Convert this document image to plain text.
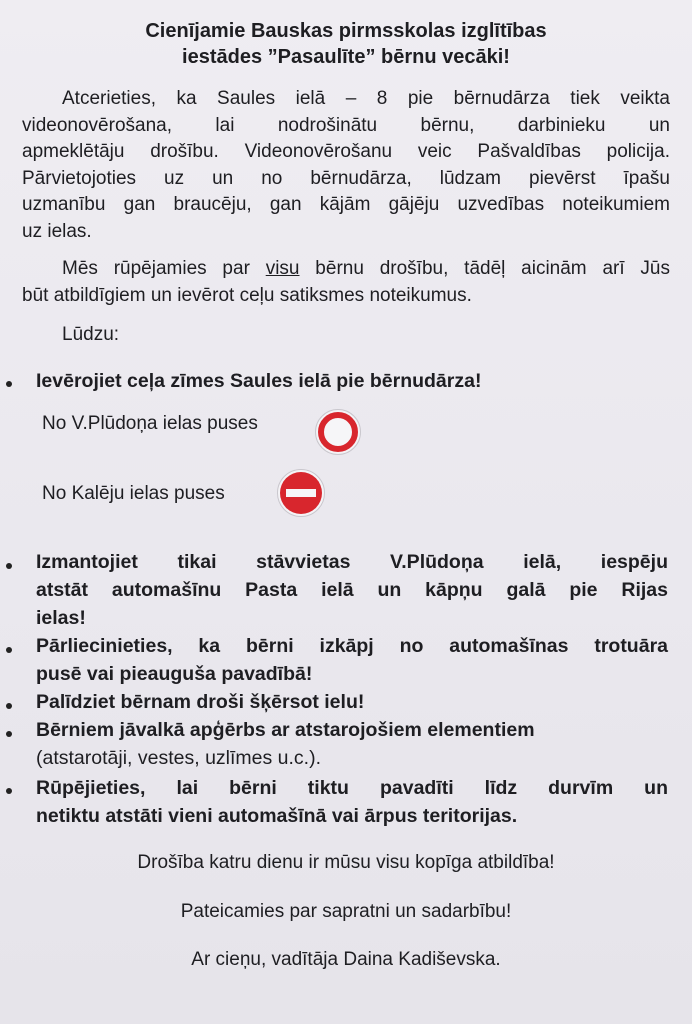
Cienījamie Bauskas pirmsskolas izglītības
iestādes ”Pasaulīte” bērnu vecāki!
Atcerieties, ka Saules ielā – 8 pie bērnudārza tiek veikta
videonovērošana, lai nodrošinātu bērnu, darbinieku un
apmeklētāju drošību. Videonovērošanu veic Pašvaldības policija.
Pārvietojoties uz un no bērnudārza, lūdzam pievērst īpašu
uzmanību gan braucēju, gan kājām gājēju uzvedības noteikumiem
uz ielas.
Mēs rūpējamies par visu bērnu drošību, tādēļ aicinām arī Jūs
būt atbildīgiem un ievērot ceļu satiksmes noteikumus.
Lūdzu:
Ievērojiet ceļa zīmes Saules ielā pie bērnudārza!
No V.Plūdoņa ielas puses
No Kalēju ielas puses
Izmantojiet tikai stāvvietas V.Plūdoņa ielā, iespēju
atstāt automašīnu Pasta ielā un kāpņu galā pie Rijas
ielas!
Pārliecinieties, ka bērni izkāpj no automašīnas trotuāra
pusē vai pieauguša pavadībā!
Palīdziet bērnam droši šķērsot ielu!
Bērniem jāvalkā apģērbs ar atstarojošiem elementiem
(atstarotāji, vestes, uzlīmes u.c.).
Rūpējieties, lai bērni tiktu pavadīti līdz durvīm un
netiktu atstāti vieni automašīnā vai ārpus teritorijas.
Drošība katru dienu ir mūsu visu kopīga atbildība!
Pateicamies par sapratni un sadarbību!
Ar cieņu, vadītāja Daina Kadiševska.
